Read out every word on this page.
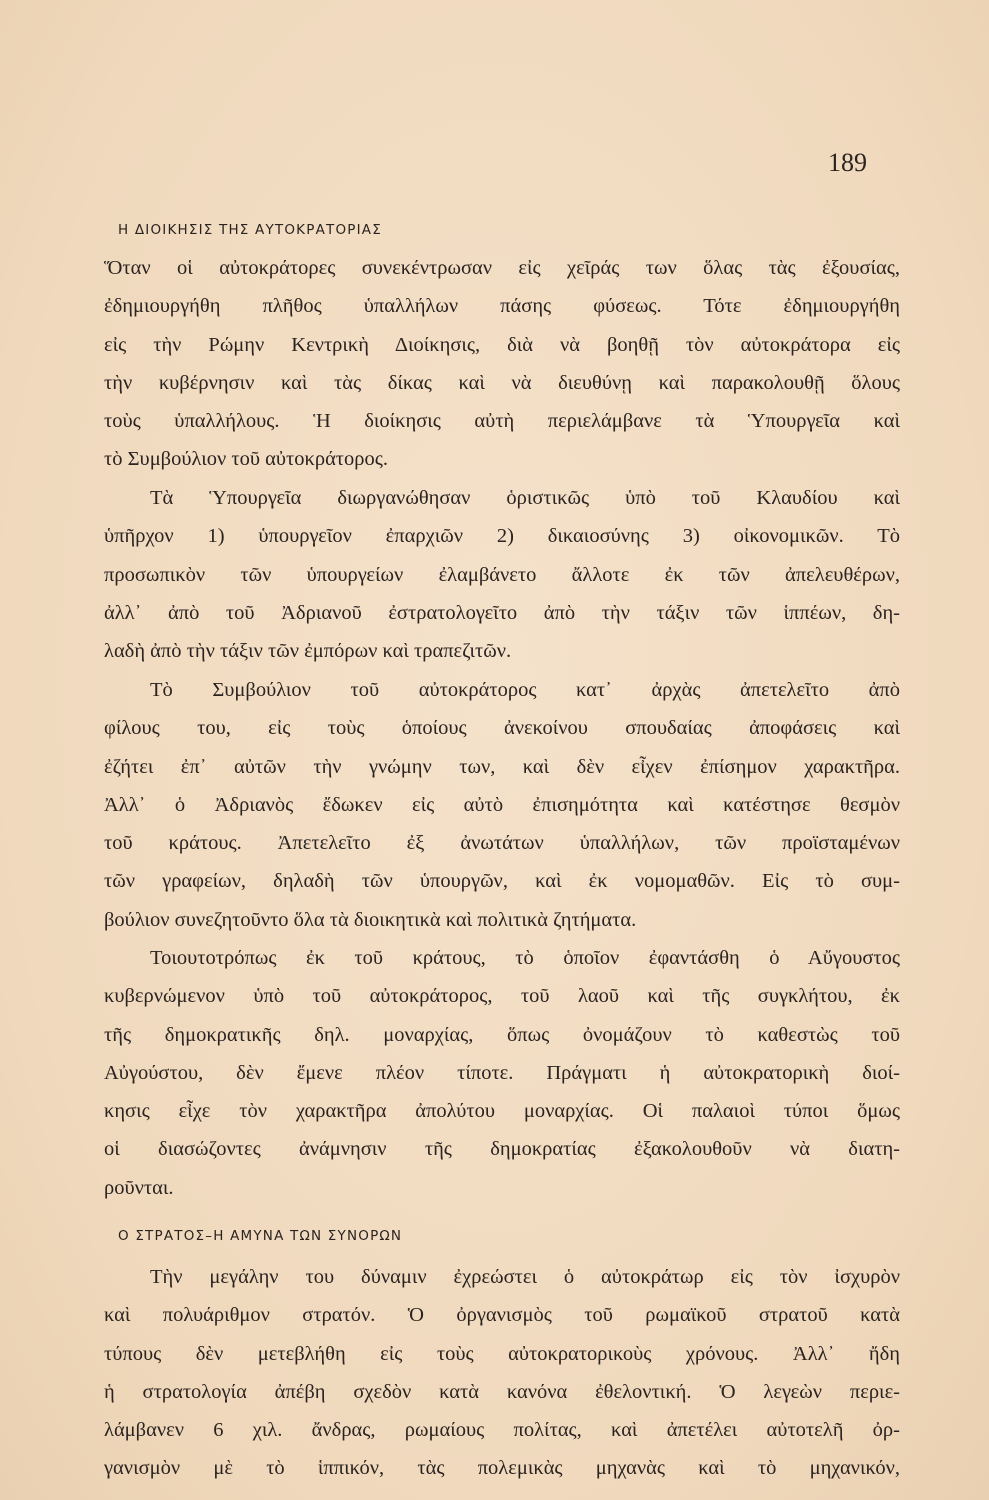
189
Η ΔΙΟΙΚΗΣΙΣ ΤΗΣ ΑΥΤΟΚΡΑΤΟΡΙΑΣ
Ὅταν οἱ αὐτοκράτορες συνεκέντρωσαν εἰς χεῖράς των ὅλας τὰς ἐξουσίας,
ἐδημιουργήθη πλῆθος ὑπαλλήλων πάσης φύσεως. Τότε ἐδημιουργήθη
εἰς τὴν Ρώμην Κεντρικὴ Διοίκησις, διὰ νὰ βοηθῇ τὸν αὐτοκράτορα εἰς
τὴν κυβέρνησιν καὶ τὰς δίκας καὶ νὰ διευθύνῃ καὶ παρακολουθῇ ὅλους
τοὺς ὑπαλλήλους. Ἡ διοίκησις αὐτὴ περιελάμβανε τὰ Ὑπουργεῖα καὶ
τὸ Συμβούλιον τοῦ αὐτοκράτορος.
Τὰ Ὑπουργεῖα διωργανώθησαν ὁριστικῶς ὑπὸ τοῦ Κλαυδίου καὶ
ὑπῆρχον 1) ὑπουργεῖον ἐπαρχιῶν 2) δικαιοσύνης 3) οἰκονομικῶν. Τὸ
προσωπικὸν τῶν ὑπουργείων ἐλαμβάνετο ἄλλοτε ἐκ τῶν ἀπελευθέρων,
ἀλλ᾽ ἀπὸ τοῦ Ἀδριανοῦ ἐστρατολογεῖτο ἀπὸ τὴν τάξιν τῶν ἱππέων, δη-
λαδὴ ἀπὸ τὴν τάξιν τῶν ἐμπόρων καὶ τραπεζιτῶν.
Τὸ Συμβούλιον τοῦ αὐτοκράτορος κατ᾽ ἀρχὰς ἀπετελεῖτο ἀπὸ
φίλους του, εἰς τοὺς ὁποίους ἀνεκοίνου σπουδαίας ἀποφάσεις καὶ
ἐζήτει ἐπ᾽ αὐτῶν τὴν γνώμην των, καὶ δὲν εἶχεν ἐπίσημον χαρακτῆρα.
Ἀλλ᾽ ὁ Ἀδριανὸς ἔδωκεν εἰς αὐτὸ ἐπισημότητα καὶ κατέστησε θεσμὸν
τοῦ κράτους. Ἀπετελεῖτο ἐξ ἀνωτάτων ὑπαλλήλων, τῶν προϊσταμένων
τῶν γραφείων, δηλαδὴ τῶν ὑπουργῶν, καὶ ἐκ νομομαθῶν. Εἰς τὸ συμ-
βούλιον συνεζητοῦντο ὅλα τὰ διοικητικὰ καὶ πολιτικὰ ζητήματα.
Τοιουτοτρόπως ἐκ τοῦ κράτους, τὸ ὁποῖον ἐφαντάσθη ὁ Αὔγουστος
κυβερνώμενον ὑπὸ τοῦ αὐτοκράτορος, τοῦ λαοῦ καὶ τῆς συγκλήτου, ἐκ
τῆς δημοκρατικῆς δηλ. μοναρχίας, ὅπως ὀνομάζουν τὸ καθεστὼς τοῦ
Αὐγούστου, δὲν ἔμενε πλέον τίποτε. Πράγματι ἡ αὐτοκρατορικὴ διοί-
κησις εἶχε τὸν χαρακτῆρα ἀπολύτου μοναρχίας. Οἱ παλαιοὶ τύποι ὅμως
οἱ διασώζοντες ἀνάμνησιν τῆς δημοκρατίας ἐξακολουθοῦν νὰ διατη-
ροῦνται.
Ο ΣΤΡΑΤΟΣ–Η ΑΜΥΝΑ ΤΩΝ ΣΥΝΟΡΩΝ
Τὴν μεγάλην του δύναμιν ἐχρεώστει ὁ αὐτοκράτωρ εἰς τὸν ἰσχυρὸν
καὶ πολυάριθμον στρατόν. Ὁ ὀργανισμὸς τοῦ ρωμαϊκοῦ στρατοῦ κατὰ
τύπους δὲν μετεβλήθη εἰς τοὺς αὐτοκρατορικοὺς χρόνους. Ἀλλ᾽ ἤδη
ἡ στρατολογία ἀπέβη σχεδὸν κατὰ κανόνα ἐθελοντική. Ὁ λεγεὼν περιε-
λάμβανεν 6 χιλ. ἄνδρας, ρωμαίους πολίτας, καὶ ἀπετέλει αὐτοτελῆ ὀρ-
γανισμὸν μὲ τὸ ἱππικόν, τὰς πολεμικὰς μηχανὰς καὶ τὸ μηχανικόν,
